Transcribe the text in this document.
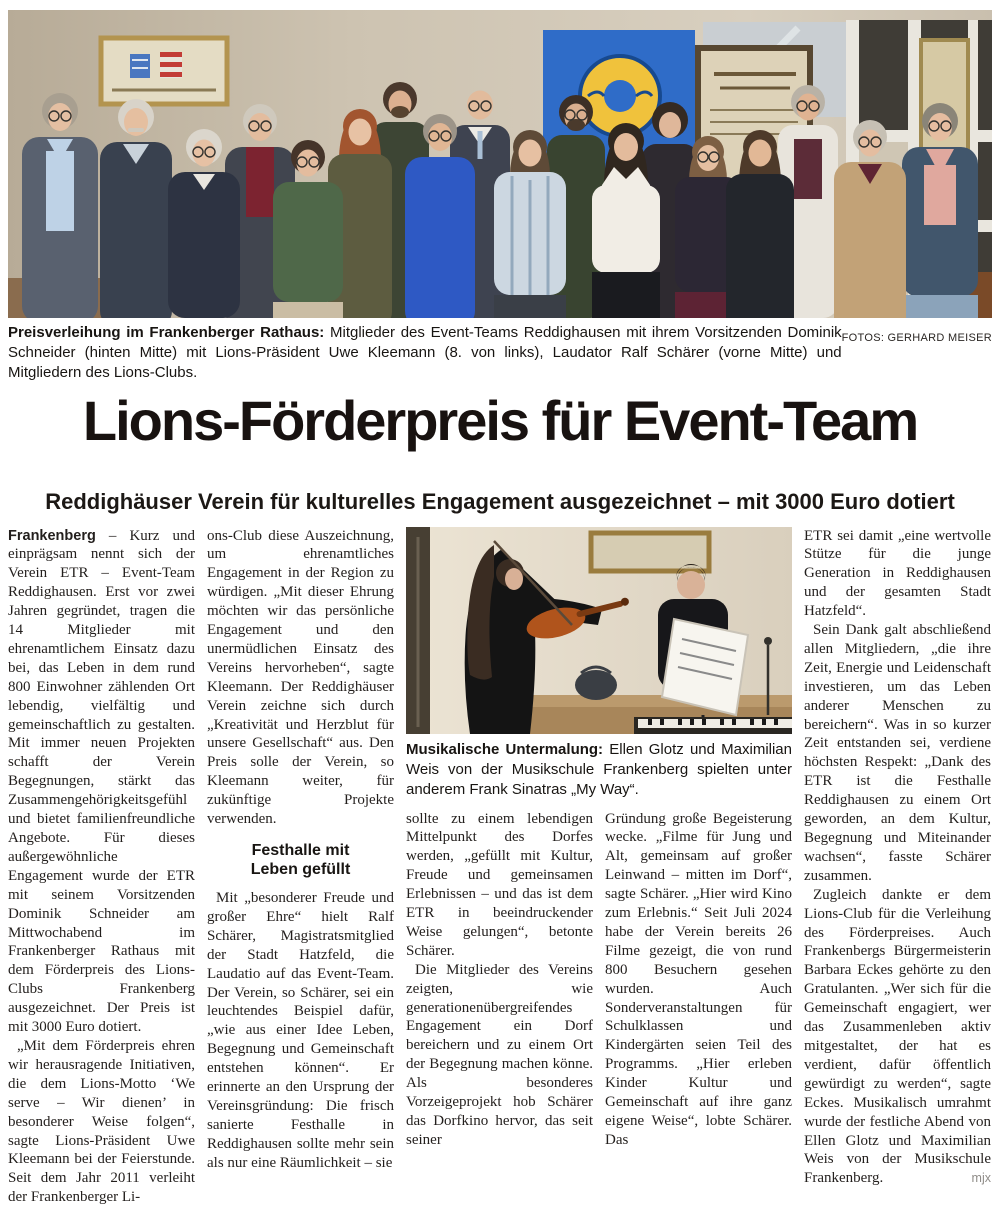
FOTOS: GERHARD MEISER
Preisverleihung im Frankenberger Rathaus: Mitglieder des Event-Teams Reddighausen mit ihrem Vorsitzenden Dominik Schneider (hinten Mitte) mit Lions-Präsident Uwe Kleemann (8. von links), Laudator Ralf Schärer (vorne Mitte) und Mitgliedern des Lions-Clubs.
Lions-Förderpreis für Event-Team
Reddighäuser Verein für kulturelles Engagement ausgezeichnet – mit 3000 Euro dotiert

Frankenberg – Kurz und einprägsam nennt sich der Verein ETR – Event-Team Reddighausen. Erst vor zwei Jahren gegründet, tragen die 14 Mitglieder mit ehrenamtlichem Einsatz dazu bei, das Leben in dem rund 800 Einwohner zählenden Ort lebendig, vielfältig und gemeinschaftlich zu gestalten. Mit immer neuen Projekten schafft der Verein Begegnungen, stärkt das Zusammengehörigkeitsgefühl und bietet familienfreundliche Angebote. Für dieses außergewöhnliche Engagement wurde der ETR mit seinem Vorsitzenden Dominik Schneider am Mittwochabend im Frankenberger Rathaus mit dem Förderpreis des Lions-Clubs Frankenberg ausgezeichnet. Der Preis ist mit 3000 Euro dotiert.

„Mit dem Förderpreis ehren wir herausragende Initiativen, die dem Lions-Motto ‘We serve – Wir dienen’ in besonderer Weise folgen“, sagte Lions-Präsident Uwe Kleemann bei der Feierstunde. Seit dem Jahr 2011 verleiht der Frankenberger Li-

ons-Club diese Auszeichnung, um ehrenamtliches Engagement in der Region zu würdigen. „Mit dieser Ehrung möchten wir das persönliche Engagement und den unermüdlichen Einsatz des Vereins hervorheben“, sagte Kleemann. Der Reddighäuser Verein zeichne sich durch „Kreativität und Herzblut für unsere Gesellschaft“ aus. Den Preis solle der Verein, so Kleemann weiter, für zukünftige Projekte verwenden.

Festhalle mit
Leben gefüllt

Mit „besonderer Freude und großer Ehre“ hielt Ralf Schärer, Magistratsmitglied der Stadt Hatzfeld, die Laudatio auf das Event-Team. Der Verein, so Schärer, sei ein leuchtendes Beispiel dafür, „wie aus einer Idee Leben, Begegnung und Gemeinschaft entstehen können“. Er erinnerte an den Ursprung der Vereinsgründung: Die frisch sanierte Festhalle in Reddighausen sollte mehr sein als nur eine Räumlichkeit – sie

Musikalische Untermalung: Ellen Glotz und Maximilian Weis von der Musikschule Frankenberg spielten unter anderem Frank Sinatras „My Way“.

sollte zu einem lebendigen Mittelpunkt des Dorfes werden, „gefüllt mit Kultur, Freude und gemeinsamen Erlebnissen – und das ist dem ETR in beeindruckender Weise gelungen“, betonte Schärer.

Die Mitglieder des Vereins zeigten, wie generationenübergreifendes Engagement ein Dorf bereichern und zu einem Ort der Begegnung machen könne. Als besonderes Vorzeigeprojekt hob Schärer das Dorfkino hervor, das seit seiner

Gründung große Begeisterung wecke. „Filme für Jung und Alt, gemeinsam auf großer Leinwand – mitten im Dorf“, sagte Schärer. „Hier wird Kino zum Erlebnis.“ Seit Juli 2024 habe der Verein bereits 26 Filme gezeigt, die von rund 800 Besuchern gesehen wurden. Auch Sonderveranstaltungen für Schulklassen und Kindergärten seien Teil des Programms. „Hier erleben Kinder Kultur und Gemeinschaft auf ihre ganz eigene Weise“, lobte Schärer. Das

ETR sei damit „eine wertvolle Stütze für die junge Generation in Reddighausen und der gesamten Stadt Hatzfeld“.

Sein Dank galt abschließend allen Mitgliedern, „die ihre Zeit, Energie und Leidenschaft investieren, um das Leben anderer Menschen zu bereichern“. Was in so kurzer Zeit entstanden sei, verdiene höchsten Respekt: „Dank des ETR ist die Festhalle Reddighausen zu einem Ort geworden, an dem Kultur, Begegnung und Miteinander wachsen“, fasste Schärer zusammen.

Zugleich dankte er dem Lions-Club für die Verleihung des Förderpreises. Auch Frankenbergs Bürgermeisterin Barbara Eckes gehörte zu den Gratulanten. „Wer sich für die Gemeinschaft engagiert, wer das Zusammenleben aktiv mitgestaltet, der hat es verdient, dafür öffentlich gewürdigt zu werden“, sagte Eckes. Musikalisch umrahmt wurde der festliche Abend von Ellen Glotz und Maximilian Weis von der Musikschule Frankenberg.	mjx
